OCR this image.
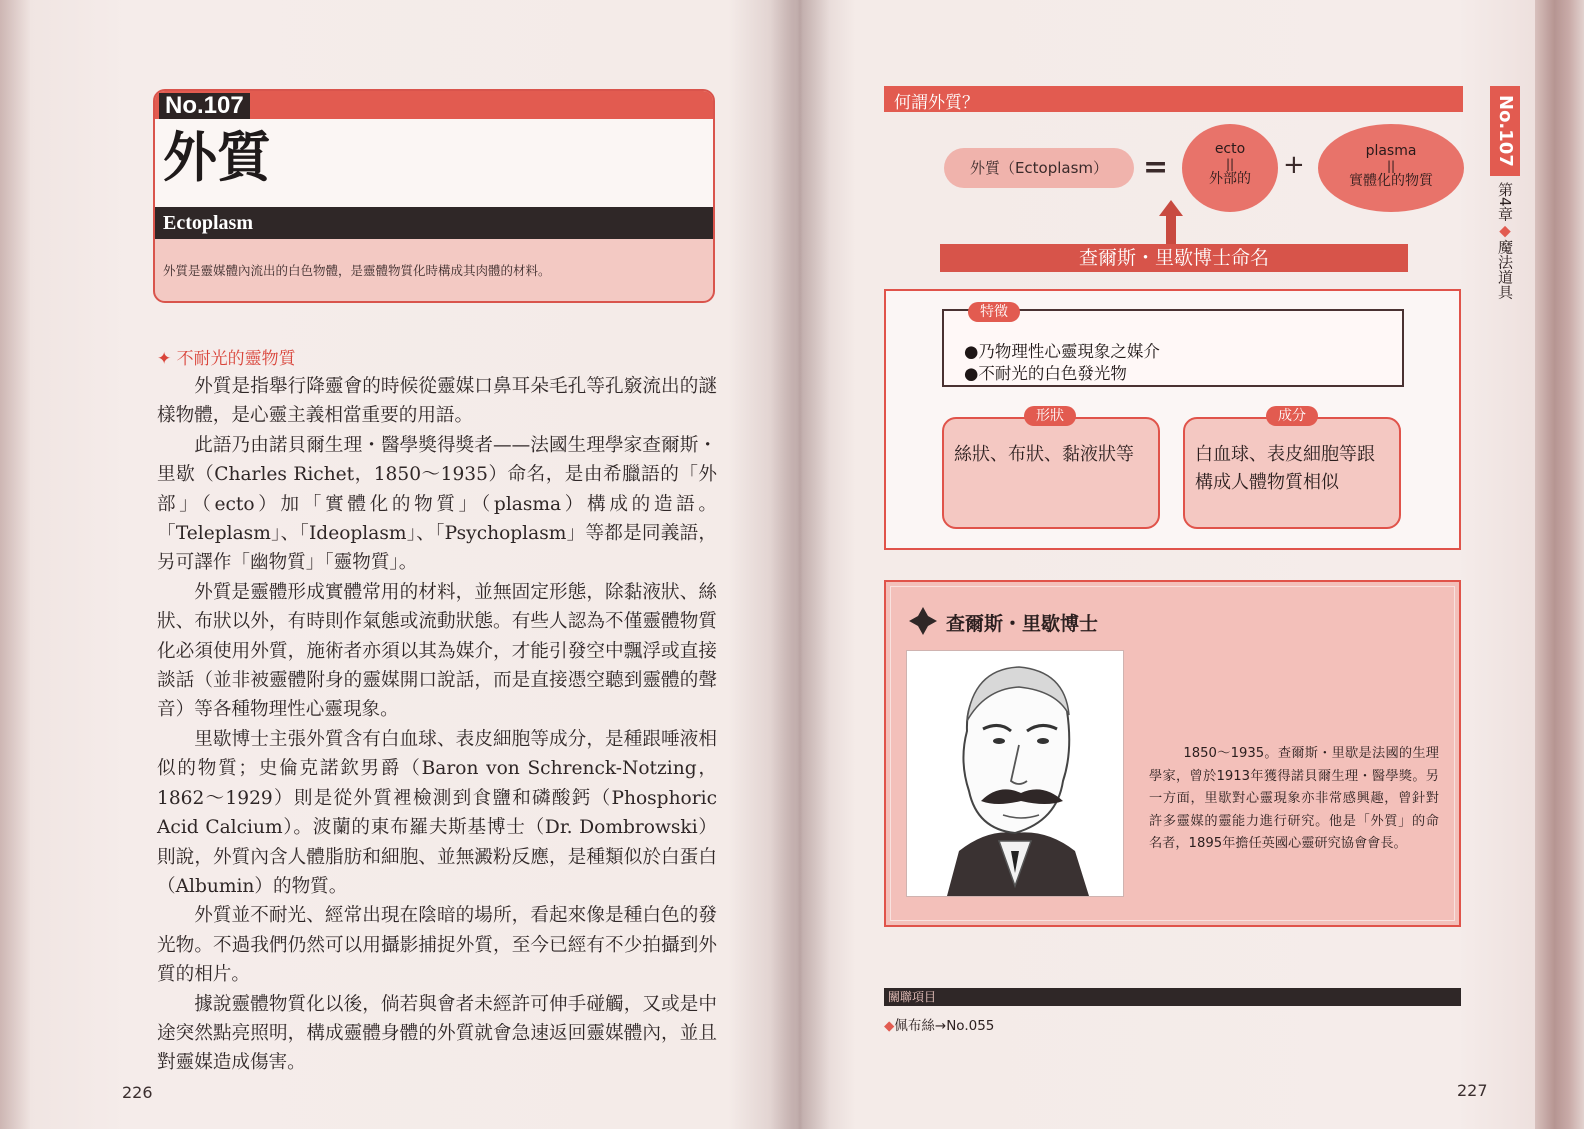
No.107
外質
Ectoplasm
外質是靈媒體內流出的白色物體，是靈體物質化時構成其肉體的材料。
✦ 不耐光的靈物質

外質是指舉行降靈會的時候從靈媒口鼻耳朵毛孔等孔竅流出的謎樣物體，是心靈主義相當重要的用語。

此語乃由諾貝爾生理・醫學獎得獎者——法國生理學家查爾斯・里歇（Charles Richet，1850～1935）命名，是由希臘語的「外部」（ecto）加「實體化的物質」（plasma）構成的造語。「Teleplasm」、「Ideoplasm」、「Psychoplasm」等都是同義語，另可譯作「幽物質」「靈物質」。

外質是靈體形成實體常用的材料，並無固定形態，除黏液狀、絲狀、布狀以外，有時則作氣態或流動狀態。有些人認為不僅靈體物質化必須使用外質，施術者亦須以其為媒介，才能引發空中飄浮或直接談話（並非被靈體附身的靈媒開口說話，而是直接憑空聽到靈體的聲音）等各種物理性心靈現象。

里歇博士主張外質含有白血球、表皮細胞等成分，是種跟唾液相似的物質；史倫克諾欽男爵（Baron von Schrenck-Notzing，1862～1929）則是從外質裡檢測到食鹽和磷酸鈣（Phosphoric Acid Calcium）。波蘭的東布羅夫斯基博士（Dr. Dombrowski）則說，外質內含人體脂肪和細胞、並無澱粉反應，是種類似於白蛋白（Albumin）的物質。

外質並不耐光、經常出現在陰暗的場所，看起來像是種白色的發光物。不過我們仍然可以用攝影捕捉外質，至今已經有不少拍攝到外質的相片。

據說靈體物質化以後，倘若與會者未經許可伸手碰觸，又或是中途突然點亮照明，構成靈體身體的外質就會急速返回靈媒體內，並且對靈媒造成傷害。

226
何謂外質？
外質（Ectoplasm）	=
ecto
||
外部的	+	plasma
||
實體化的物質
查爾斯・里歇博士命名
特徵
●乃物理性心靈現象之媒介
●不耐光的白色發光物
絲狀、布狀、黏液狀等
形狀
白血球、表皮細胞等跟構成人體物質相似
成分
查爾斯・里歇博士
1850～1935。查爾斯・里歇是法國的生理學家，曾於1913年獲得諾貝爾生理・醫學獎。另一方面，里歇對心靈現象亦非常感興趣，曾針對許多靈媒的靈能力進行研究。他是「外質」的命名者，1895年擔任英國心靈研究協會會長。
關聯項目
◆佩布絲→No.055
227
No.107
第4章◆魔法道具
